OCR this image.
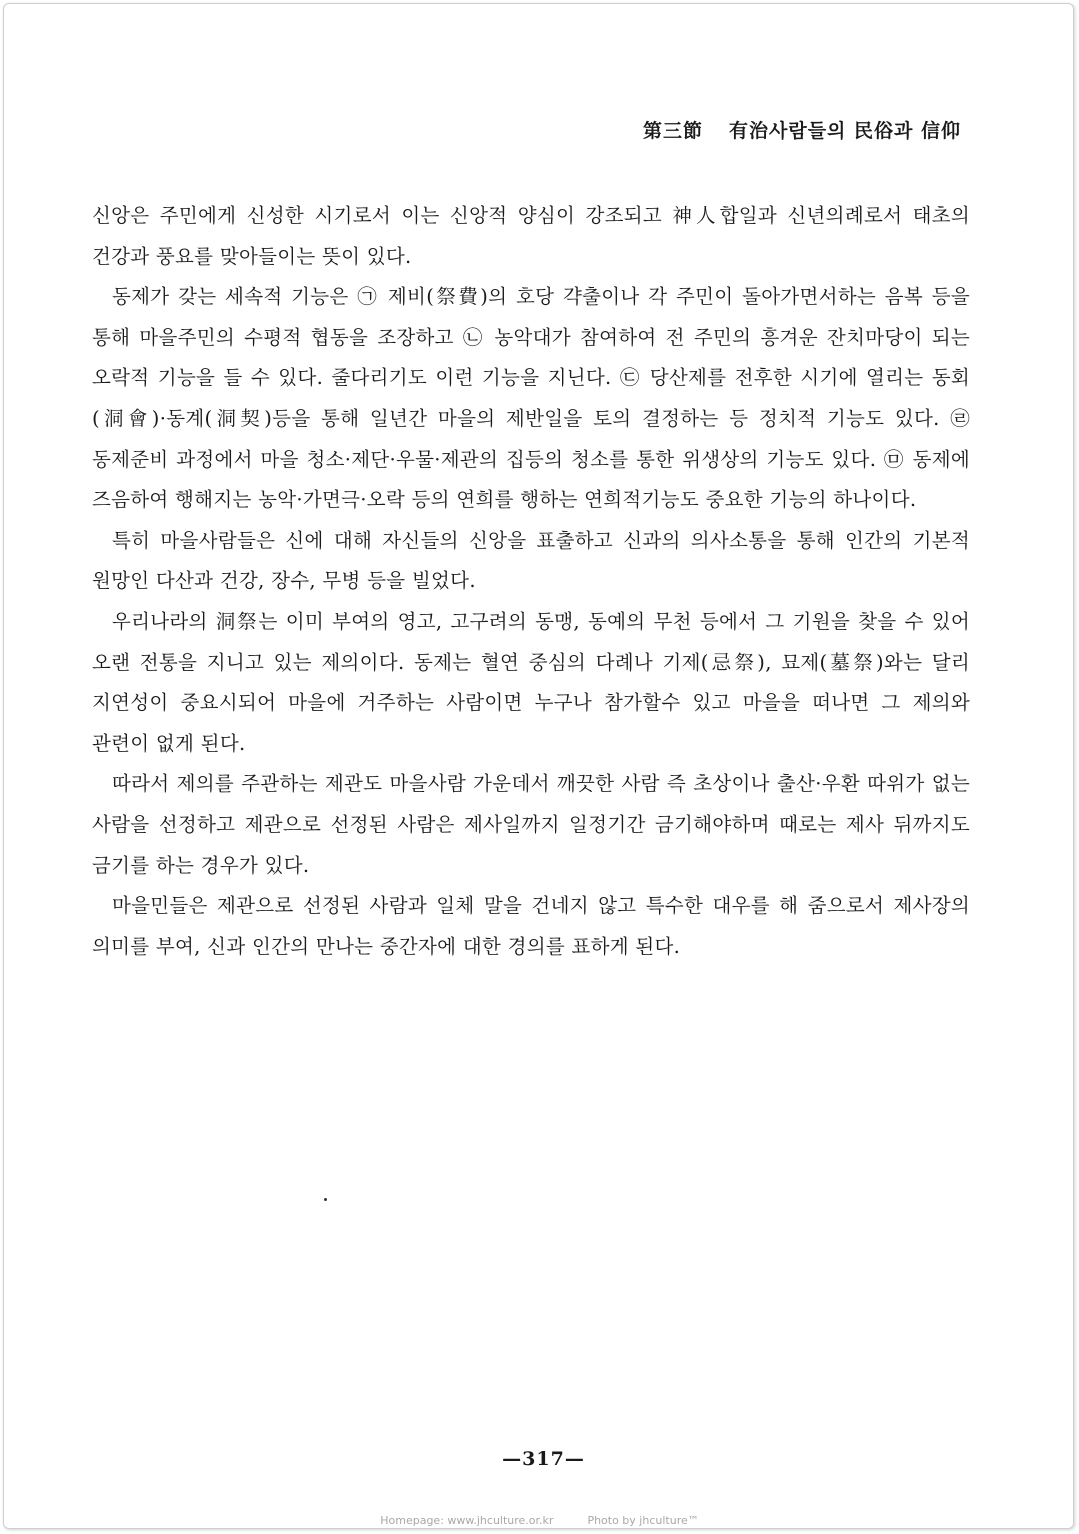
第三節 有治사람들의 民俗과 信仰

신앙은 주민에게 신성한 시기로서 이는 신앙적 양심이 강조되고 神人합일과 신년의례로서 태초의 건강과 풍요를 맞아들이는 뜻이 있다.

동제가 갖는 세속적 기능은 ㉠ 제비(祭費)의 호당 갹출이나 각 주민이 돌아가면서하는 음복 등을 통해 마을주민의 수평적 협동을 조장하고 ㉡ 농악대가 참여하여 전 주민의 흥겨운 잔치마당이 되는 오락적 기능을 들 수 있다. 줄다리기도 이런 기능을 지닌다. ㉢ 당산제를 전후한 시기에 열리는 동회(洞會)·동계(洞契)등을 통해 일년간 마을의 제반일을 토의 결정하는 등 정치적 기능도 있다. ㉣ 동제준비 과정에서 마을 청소·제단·우물·제관의 집등의 청소를 통한 위생상의 기능도 있다. ㉤ 동제에 즈음하여 행해지는 농악·가면극·오락 등의 연희를 행하는 연희적기능도 중요한 기능의 하나이다.

특히 마을사람들은 신에 대해 자신들의 신앙을 표출하고 신과의 의사소통을 통해 인간의 기본적 원망인 다산과 건강, 장수, 무병 등을 빌었다.

우리나라의 洞祭는 이미 부여의 영고, 고구려의 동맹, 동예의 무천 등에서 그 기원을 찾을 수 있어 오랜 전통을 지니고 있는 제의이다. 동제는 혈연 중심의 다례나 기제(忌祭), 묘제(墓祭)와는 달리 지연성이 중요시되어 마을에 거주하는 사람이면 누구나 참가할수 있고 마을을 떠나면 그 제의와 관련이 없게 된다.

따라서 제의를 주관하는 제관도 마을사람 가운데서 깨끗한 사람 즉 초상이나 출산·우환 따위가 없는 사람을 선정하고 제관으로 선정된 사람은 제사일까지 일정기간 금기해야하며 때로는 제사 뒤까지도 금기를 하는 경우가 있다.

마을민들은 제관으로 선정된 사람과 일체 말을 건네지 않고 특수한 대우를 해 줌으로서 제사장의 의미를 부여, 신과 인간의 만나는 중간자에 대한 경의를 표하게 된다.

—317—
Homepage: www.jhculture.or.kr	Photo by jhculture™
